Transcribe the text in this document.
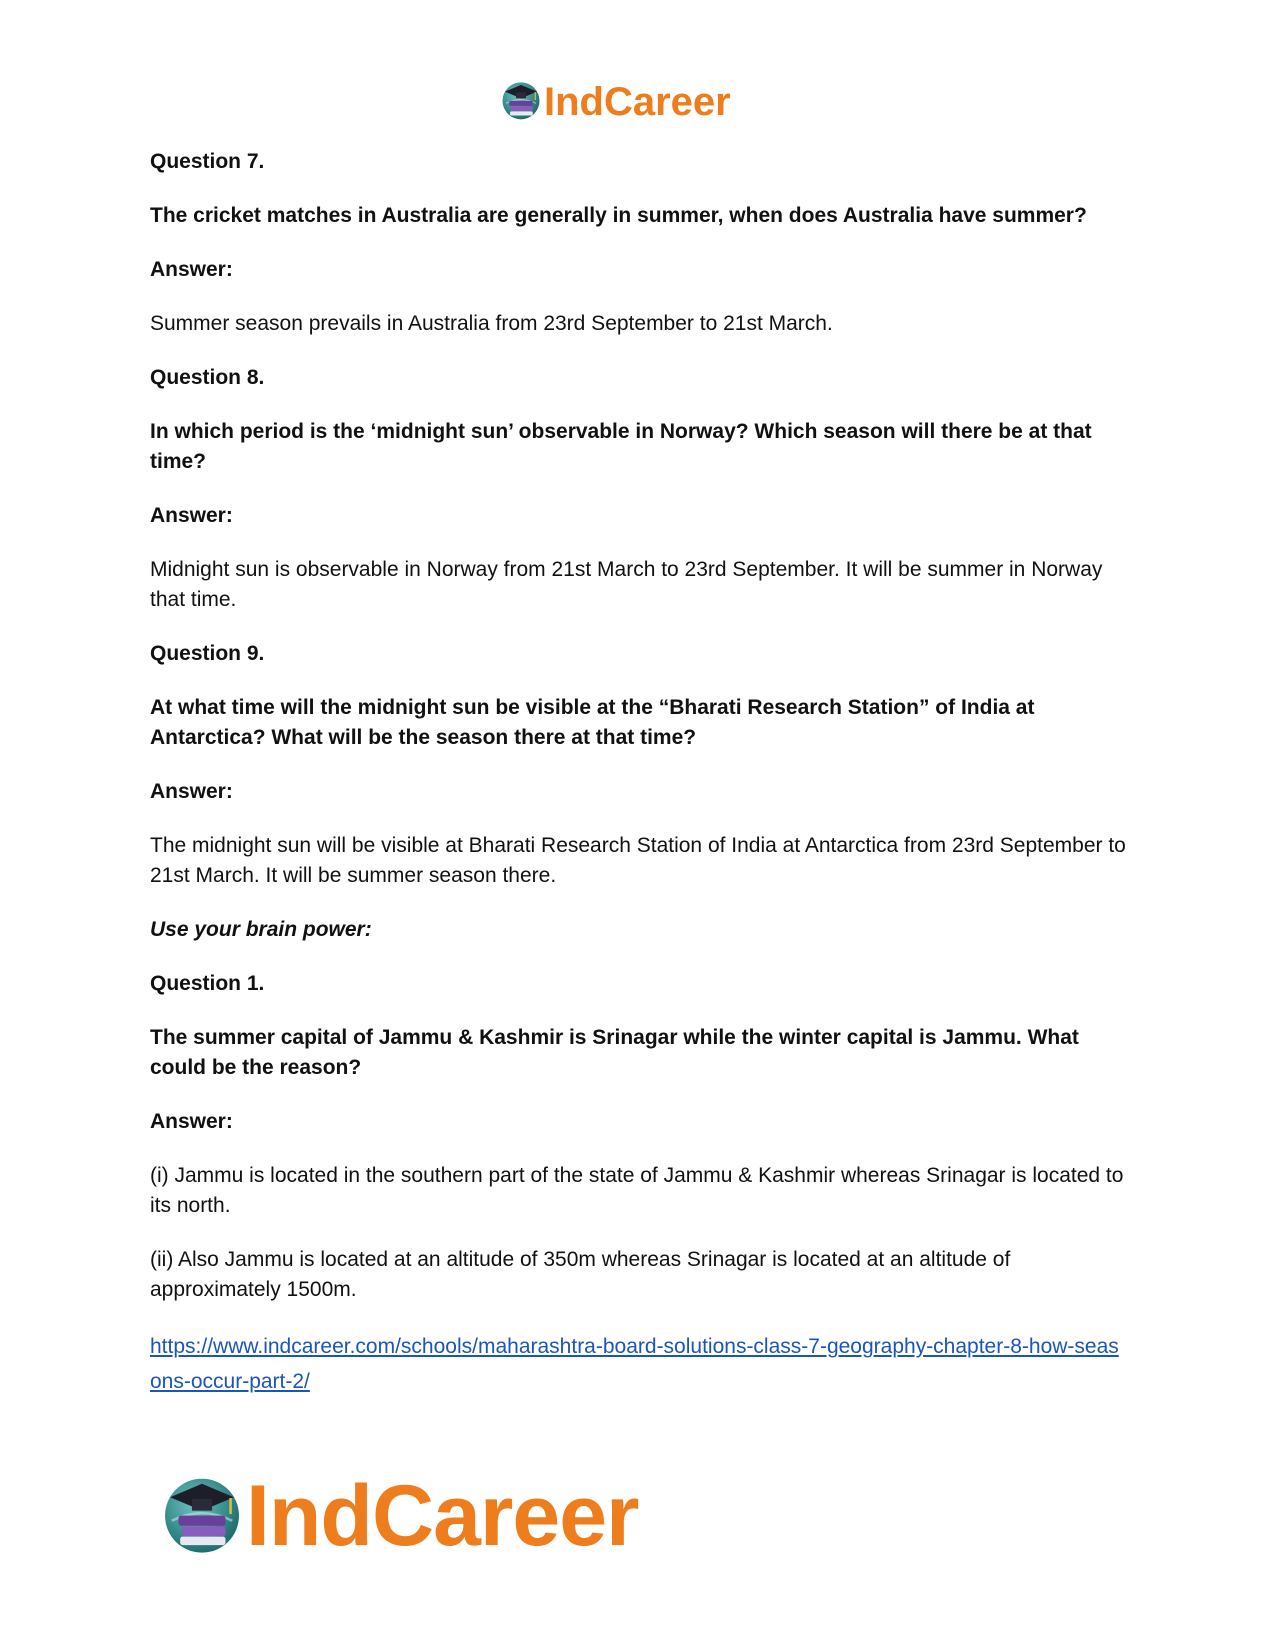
IndCareer

Question 7.

The cricket matches in Australia are generally in summer, when does Australia have summer?

Answer:

Summer season prevails in Australia from 23rd September to 21st March.

Question 8.

In which period is the ‘midnight sun’ observable in Norway? Which season will there be at that time?

Answer:

Midnight sun is observable in Norway from 21st March to 23rd September. It will be summer in Norway that time.

Question 9.

At what time will the midnight sun be visible at the “Bharati Research Station” of India at Antarctica? What will be the season there at that time?

Answer:

The midnight sun will be visible at Bharati Research Station of India at Antarctica from 23rd September to 21st March. It will be summer season there.

Use your brain power:

Question 1.

The summer capital of Jammu & Kashmir is Srinagar while the winter capital is Jammu. What could be the reason?

Answer:

(i) Jammu is located in the southern part of the state of Jammu & Kashmir whereas Srinagar is located to its north.

(ii) Also Jammu is located at an altitude of 350m whereas Srinagar is located at an altitude of approximately 1500m.

https://www.indcareer.com/schools/maharashtra-board-solutions-class-7-geography-chapter-8-how-seasons-occur-part-2/
IndCareer
